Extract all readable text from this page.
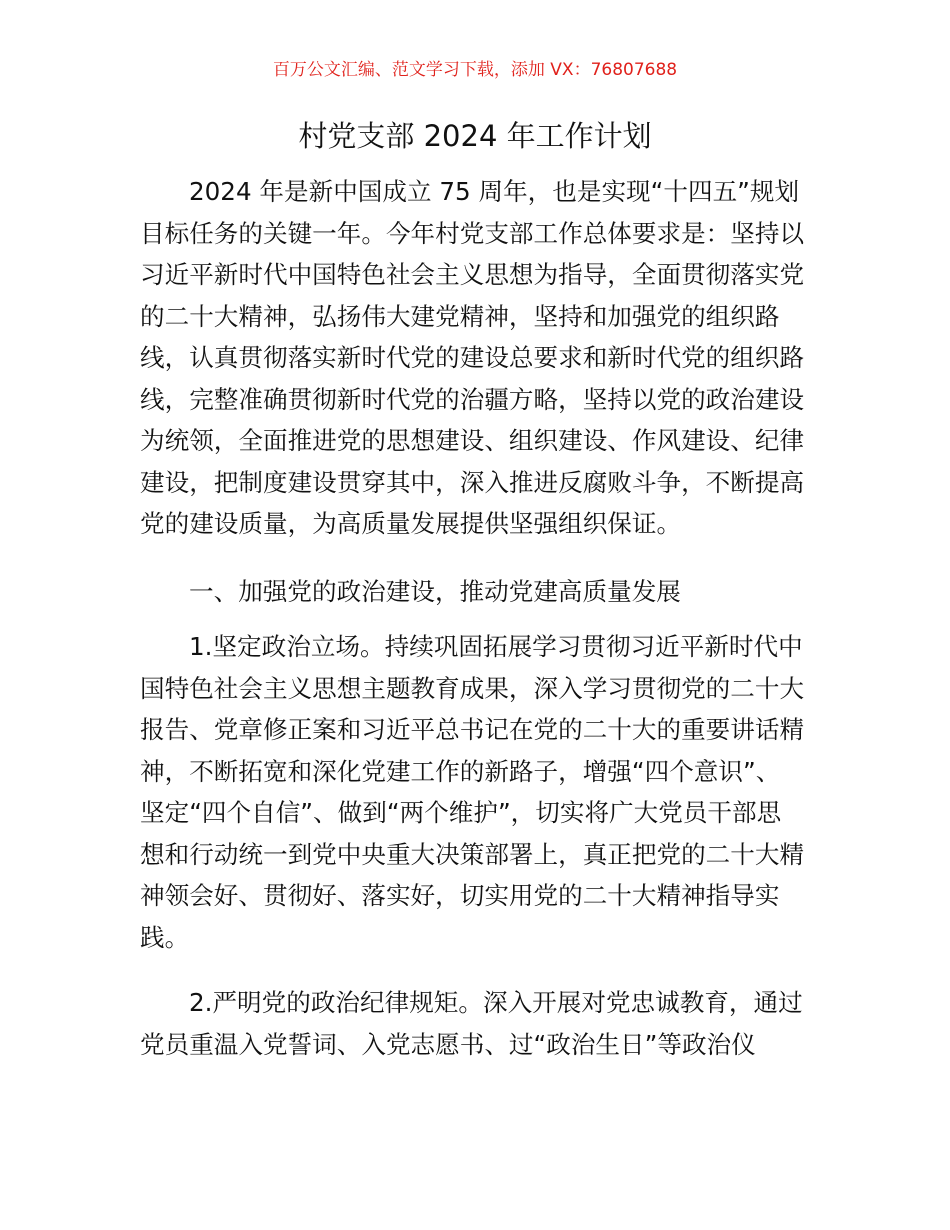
百万公文汇编、范文学习下载，添加 VX：76807688
村党支部 2024 年工作计划
2024 年是新中国成立 75 周年，也是实现“十四五”规划
目标任务的关键一年。今年村党支部工作总体要求是：坚持以
习近平新时代中国特色社会主义思想为指导，全面贯彻落实党
的二十大精神，弘扬伟大建党精神，坚持和加强党的组织路
线，认真贯彻落实新时代党的建设总要求和新时代党的组织路
线，完整准确贯彻新时代党的治疆方略，坚持以党的政治建设
为统领，全面推进党的思想建设、组织建设、作风建设、纪律
建设，把制度建设贯穿其中，深入推进反腐败斗争，不断提高
党的建设质量，为高质量发展提供坚强组织保证。
一、加强党的政治建设，推动党建高质量发展
1.坚定政治立场。持续巩固拓展学习贯彻习近平新时代中
国特色社会主义思想主题教育成果，深入学习贯彻党的二十大
报告、党章修正案和习近平总书记在党的二十大的重要讲话精
神，不断拓宽和深化党建工作的新路子，增强“四个意识”、
坚定“四个自信”、做到“两个维护”，切实将广大党员干部思
想和行动统一到党中央重大决策部署上，真正把党的二十大精
神领会好、贯彻好、落实好，切实用党的二十大精神指导实
践。
2.严明党的政治纪律规矩。深入开展对党忠诚教育，通过
党员重温入党誓词、入党志愿书、过“政治生日”等政治仪
